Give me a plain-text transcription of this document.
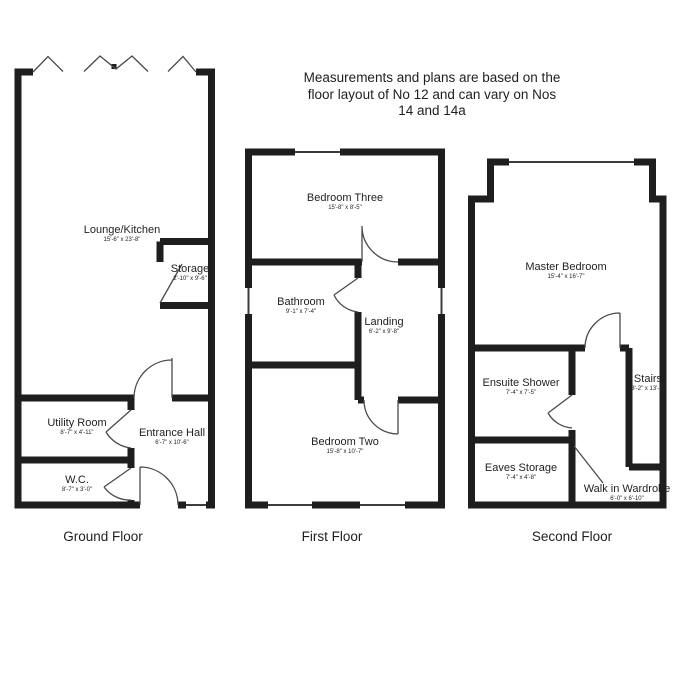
Measurements and plans are based on the
floor layout of No 12 and can vary on Nos
14 and 14a
Lounge/Kitchen
15'-6" x 23'-8"
Storage
2'-10" x 9'-6"
Utility Room
8'-7" x 4'-11"	Entrance Hall
6'-7" x 10'-6"
W.C.
8'-7" x 3'-0"
Ground Floor
Bedroom Three
15'-8" x 8'-5"
Bathroom
9'-1" x 7'-4"
Landing
6'-2" x 9'-8"
Bedroom Two
15'-8" x 10'-7"
First Floor
Master Bedroom
15'-4" x 16'-7"
Ensuite Shower
7'-4" x 7'-5"
Stairs
3'-2" x 13'-3"
Eaves Storage
7'-4" x 4'-8"
Walk in Wardrobe
6'-0" x 6'-10"
Second Floor
